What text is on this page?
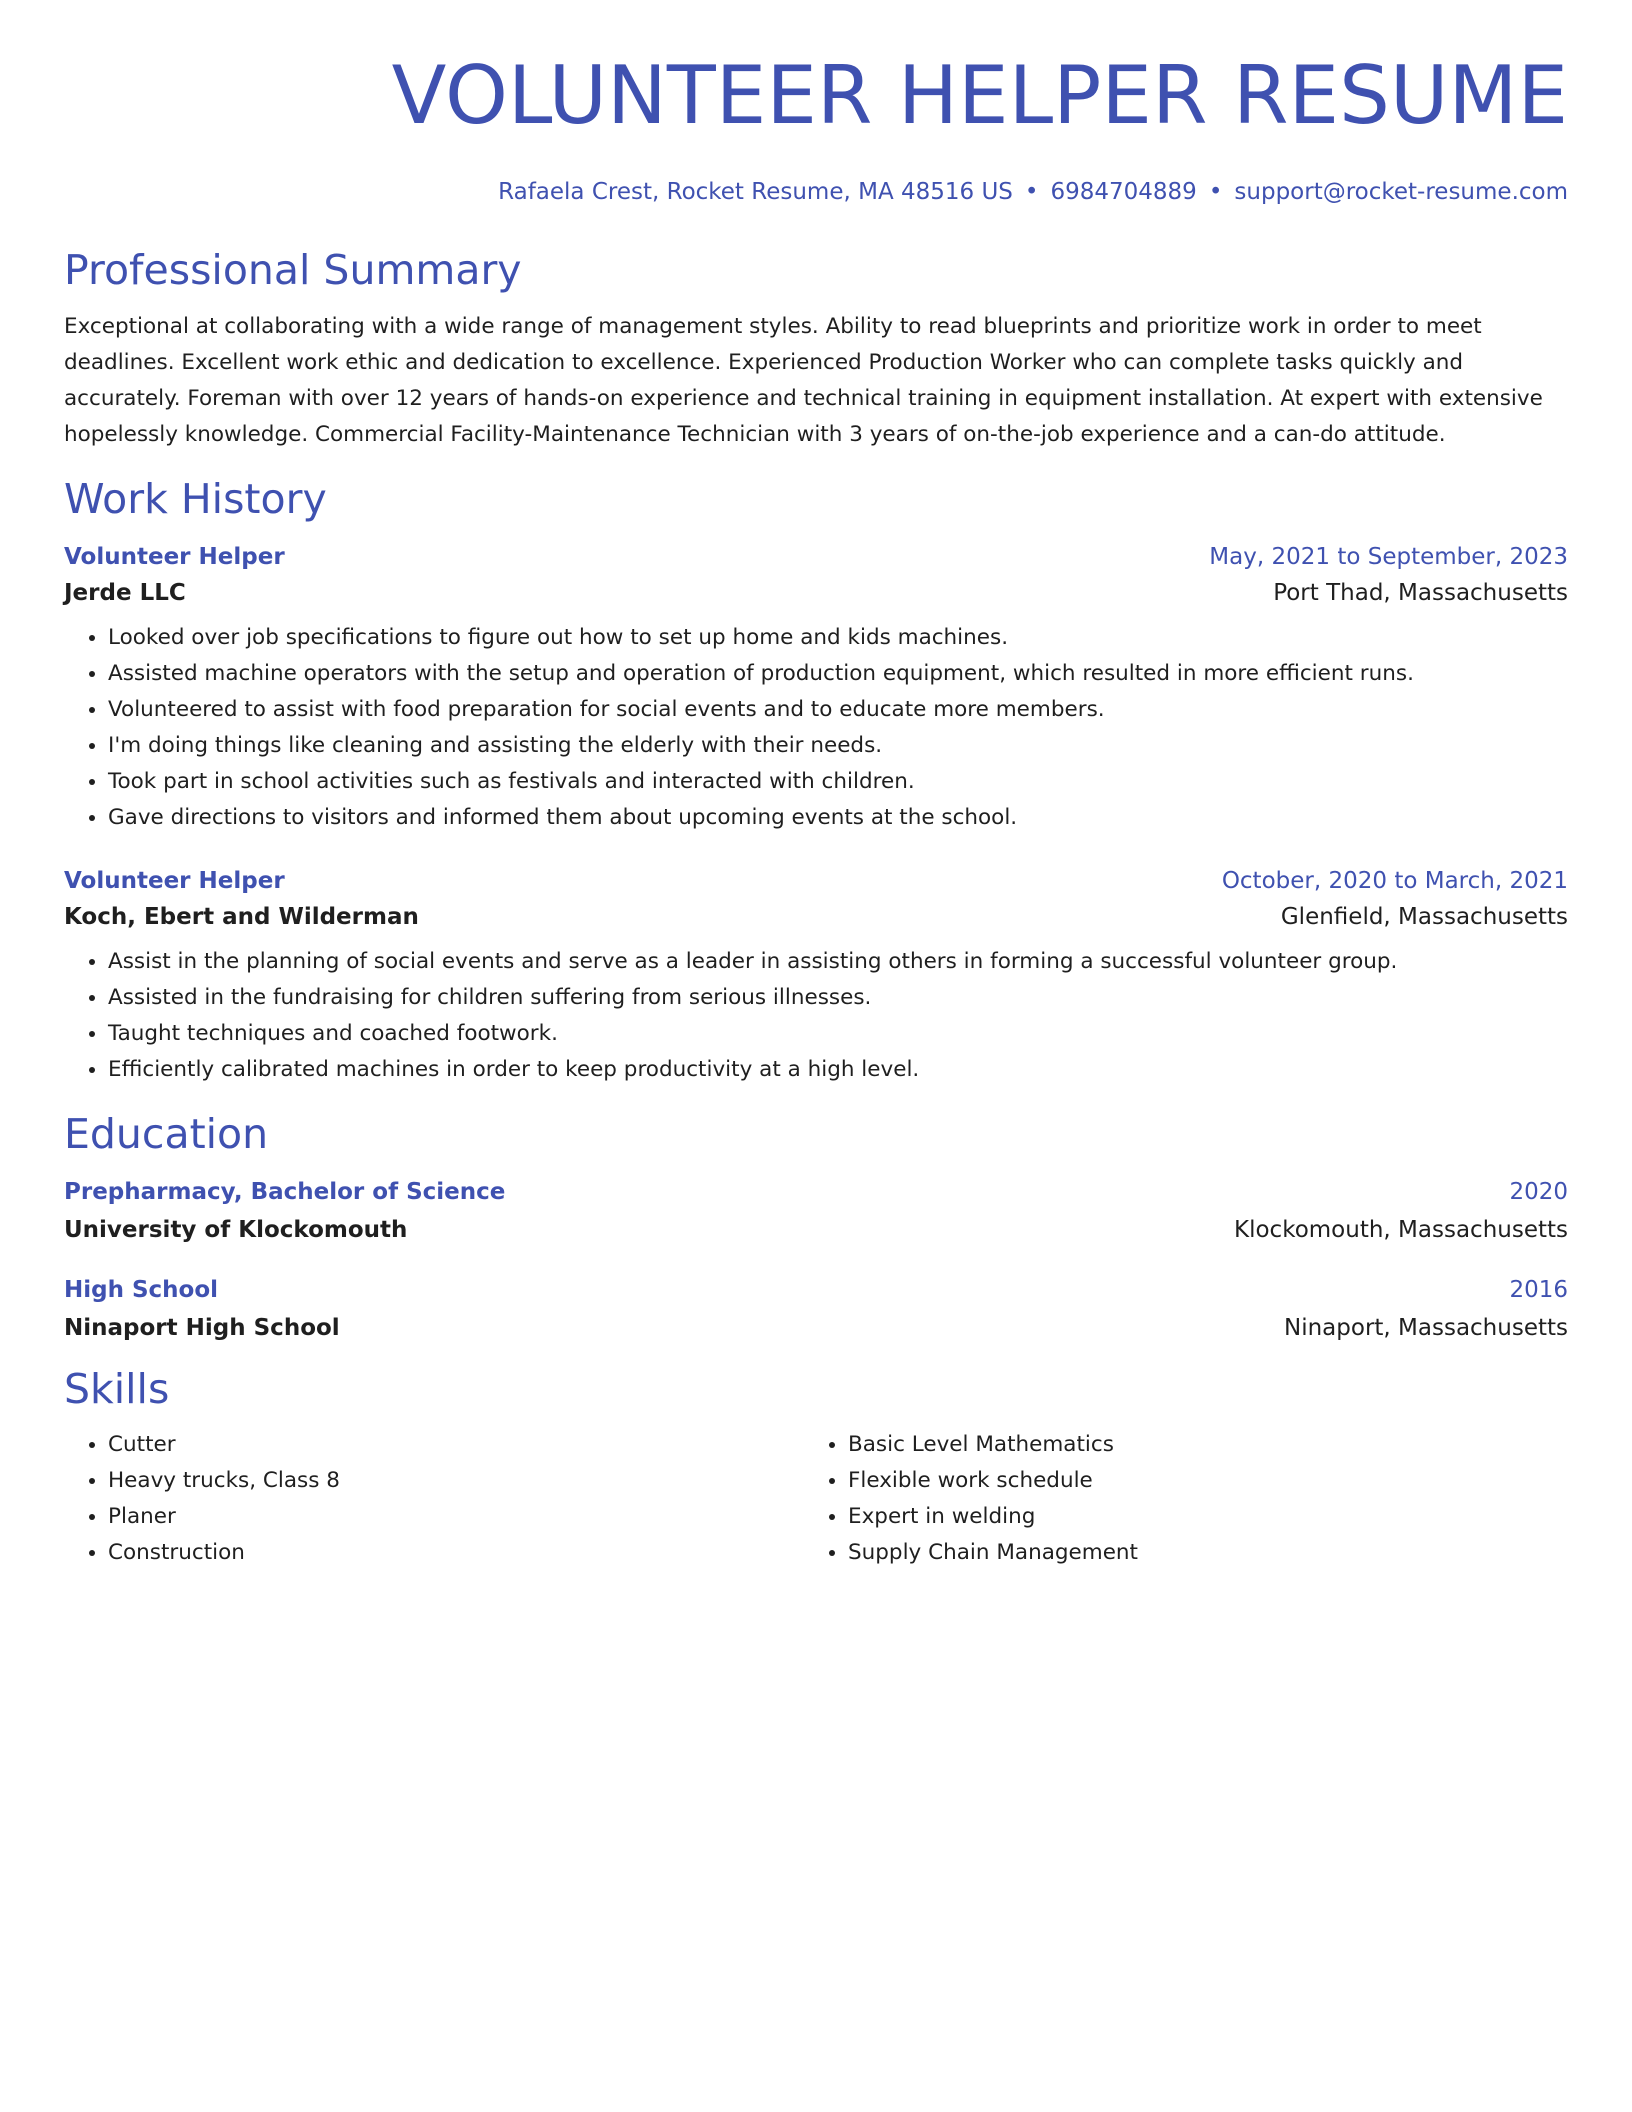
VOLUNTEER HELPER RESUME
Rafaela Crest, Rocket Resume, MA 48516 US • 6984704889 • support@rocket-resume.com
Professional Summary

Exceptional at collaborating with a wide range of management styles. Ability to read blueprints and prioritize work in order to meet deadlines. Excellent work ethic and dedication to excellence. Experienced Production Worker who can complete tasks quickly and accurately. Foreman with over 12 years of hands-on experience and technical training in equipment installation. At expert with extensive hopelessly knowledge. Commercial Facility-Maintenance Technician with 3 years of on-the-job experience and a can-do attitude.

Work History
Volunteer Helper	May, 2021 to September, 2023
Jerde LLC	Port Thad, Massachusetts
• Looked over job specifications to figure out how to set up home and kids machines.
• Assisted machine operators with the setup and operation of production equipment, which resulted in more efficient runs.
• Volunteered to assist with food preparation for social events and to educate more members.
• I'm doing things like cleaning and assisting the elderly with their needs.
• Took part in school activities such as festivals and interacted with children.
• Gave directions to visitors and informed them about upcoming events at the school.
Volunteer Helper	October, 2020 to March, 2021
Koch, Ebert and Wilderman	Glenfield, Massachusetts
• Assist in the planning of social events and serve as a leader in assisting others in forming a successful volunteer group.
• Assisted in the fundraising for children suffering from serious illnesses.
• Taught techniques and coached footwork.
• Efficiently calibrated machines in order to keep productivity at a high level.
Education
Prepharmacy, Bachelor of Science	2020
University of Klockomouth	Klockomouth, Massachusetts
High School	2016
Ninaport High School	Ninaport, Massachusetts
Skills
• Cutter
• Heavy trucks, Class 8
• Planer
• Construction
• Basic Level Mathematics
• Flexible work schedule
• Expert in welding
• Supply Chain Management
